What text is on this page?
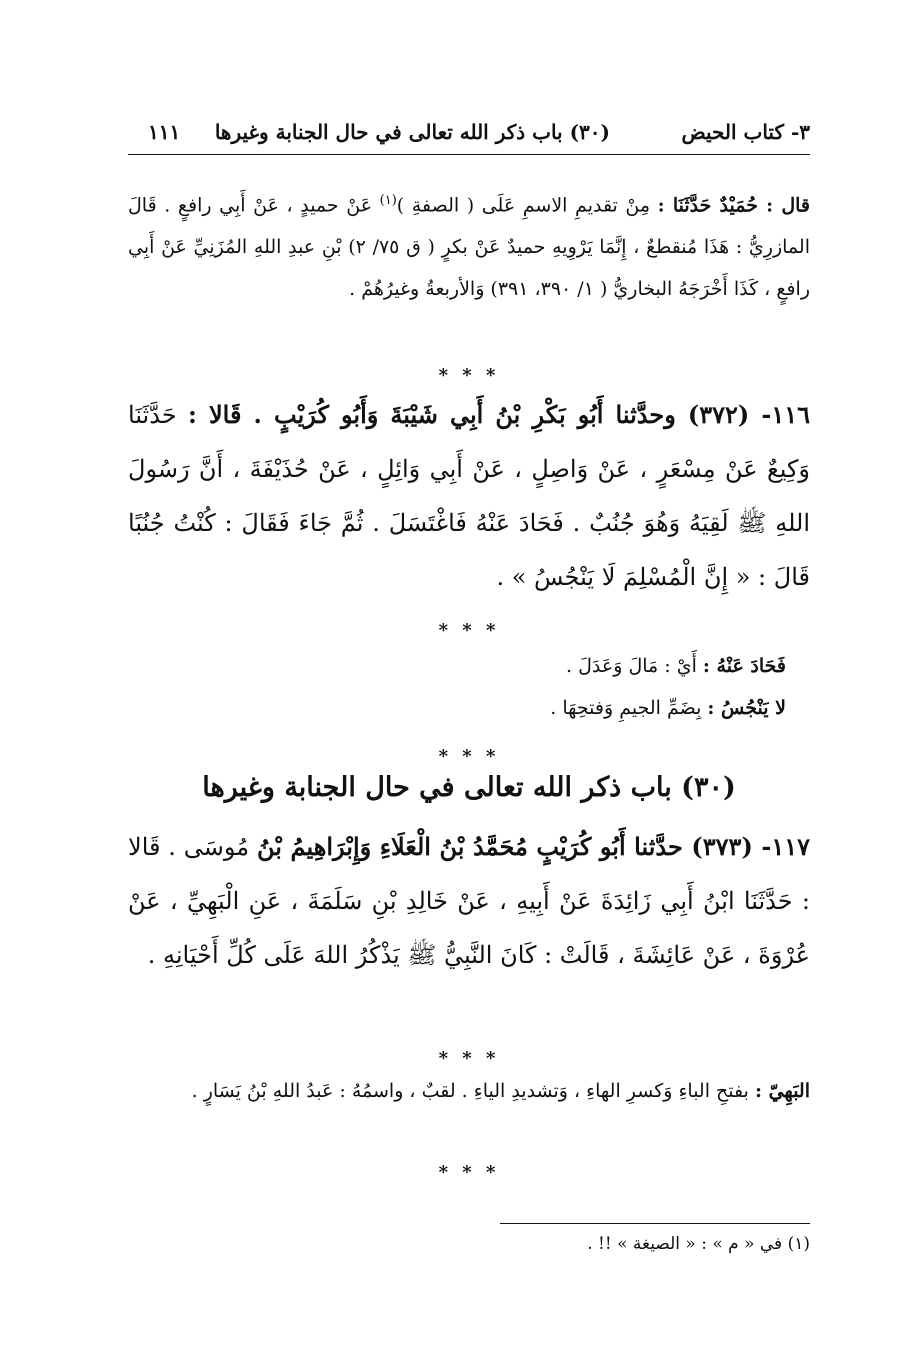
٣- كتاب الحيض
(٣٠) باب ذكر الله تعالى في حال الجنابة وغيرها
١١١
قال : حُمَيْدٌ حَدَّثَنَا : مِنْ تقديمِ الاسمِ عَلَى ( الصفةِ )$^{(١)}$ عَنْ حميدٍ ، عَنْ أَبِي رافعٍ . قَالَ المازرِيُّ : هَذَا مُنقطعٌ ، إِنَّمَا يَرْوِيهِ حميدٌ عَنْ بكرٍ ( ق ٧٥/ ٢) بْنِ عبدِ اللهِ المُزَنِيِّ عَنْ أَبِي رافعٍ ، كَذَا أَخْرَجَهُ البخاريُّ ( ١/ ٣٩٠، ٣٩١) وَالأربعةُ وغيرُهُمْ .
* * *
١١٦- (٣٧٢) وحدَّثنا أَبُو بَكْرِ بْنُ أَبِي شَيْبَةَ وَأَبُو كُرَيْبٍ . قَالا : حَدَّثَنَا وَكِيعٌ عَنْ مِسْعَرٍ ، عَنْ وَاصِلٍ ، عَنْ أَبِي وَائِلٍ ، عَنْ حُذَيْفَةَ ، أَنَّ رَسُولَ اللهِ ﷺ لَقِيَهُ وَهُوَ جُنُبٌ . فَحَادَ عَنْهُ فَاغْتَسَلَ . ثُمَّ جَاءَ فَقَالَ : كُنْتُ جُنُبًا قَالَ : « إِنَّ الْمُسْلِمَ لَا يَنْجُسُ » .
* * *
فَحَادَ عَنْهُ : أَيْ : مَالَ وَعَدَلَ .
لا يَنْجُسُ : بِضَمِّ الجيمِ وَفتحِهَا .
* * *
(٣٠) باب ذكر الله تعالى في حال الجنابة وغيرها
١١٧- (٣٧٣) حدَّثنا أَبُو كُرَيْبٍ مُحَمَّدُ بْنُ الْعَلَاءِ وَإِبْرَاهِيمُ بْنُ مُوسَى . قَالا : حَدَّثَنَا ابْنُ أَبِي زَائِدَةَ عَنْ أَبِيهِ ، عَنْ خَالِدِ بْنِ سَلَمَةَ ، عَنِ الْبَهِيِّ ، عَنْ عُرْوَةَ ، عَنْ عَائِشَةَ ، قَالَتْ : كَانَ النَّبِيُّ ﷺ يَذْكُرُ اللهَ عَلَى كُلِّ أَحْيَانِهِ .
* * *
البَهِيّ : بفتحِ الباءِ وَكسرِ الهاءِ ، وَتشديدِ الياءِ . لقبٌ ، واسمُهُ : عَبدُ اللهِ بْنُ يَسَارٍ .
* * *
(١) في « م » : « الصيغة » !! .
